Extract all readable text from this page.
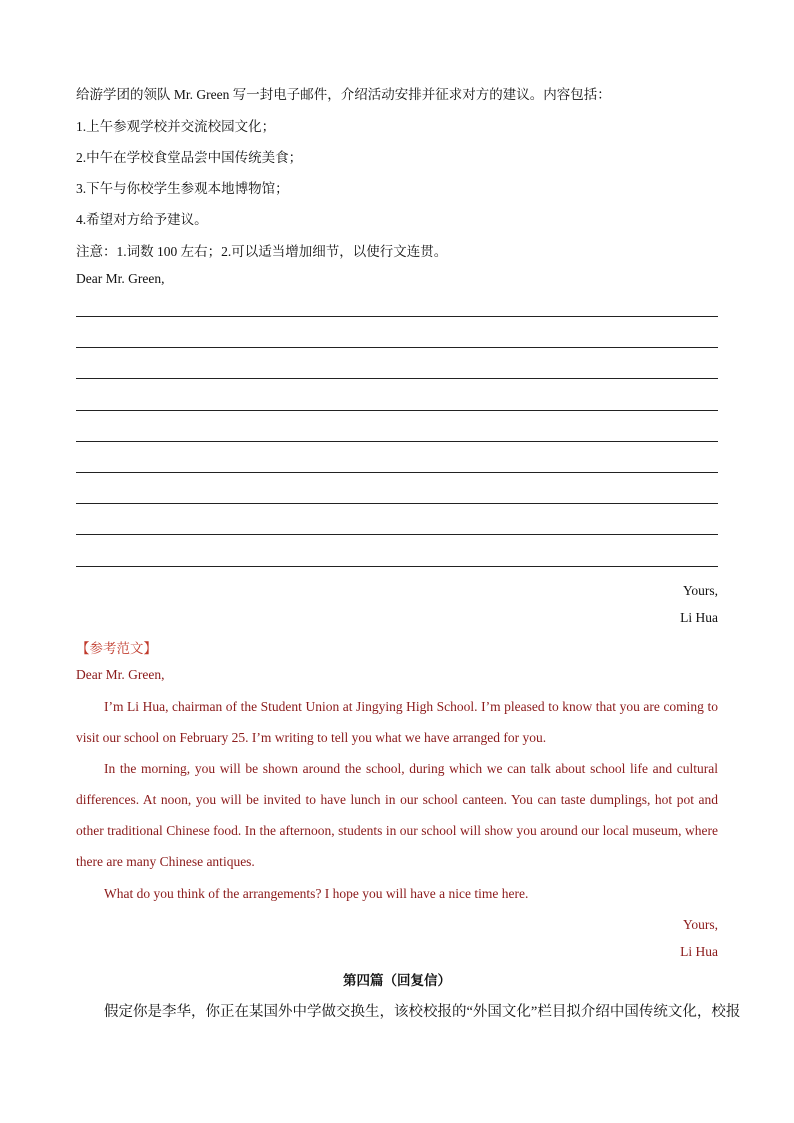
给游学团的领队 Mr. Green 写一封电子邮件，介绍活动安排并征求对方的建议。内容包括：
1.上午参观学校并交流校园文化；
2.中午在学校食堂品尝中国传统美食；
3.下午与你校学生参观本地博物馆；
4.希望对方给予建议。
注意：1.词数 100 左右；2.可以适当增加细节，以使行文连贯。
Dear Mr. Green,
Yours,
Li Hua
【参考范文】
Dear Mr. Green,
I’m Li Hua, chairman of the Student Union at Jingying High School. I’m pleased to know that you are coming to visit our school on February 25. I’m writing to tell you what we have arranged for you.
In the morning, you will be shown around the school, during which we can talk about school life and cultural differences. At noon, you will be invited to have lunch in our school canteen. You can taste dumplings, hot pot and other traditional Chinese food. In the afternoon, students in our school will show you around our local museum, where there are many Chinese antiques.
What do you think of the arrangements? I hope you will have a nice time here.
Yours,
Li Hua
第四篇（回复信）
假定你是李华，你正在某国外中学做交换生，该校校报的“外国文化”栏目拟介绍中国传统文化，校报
